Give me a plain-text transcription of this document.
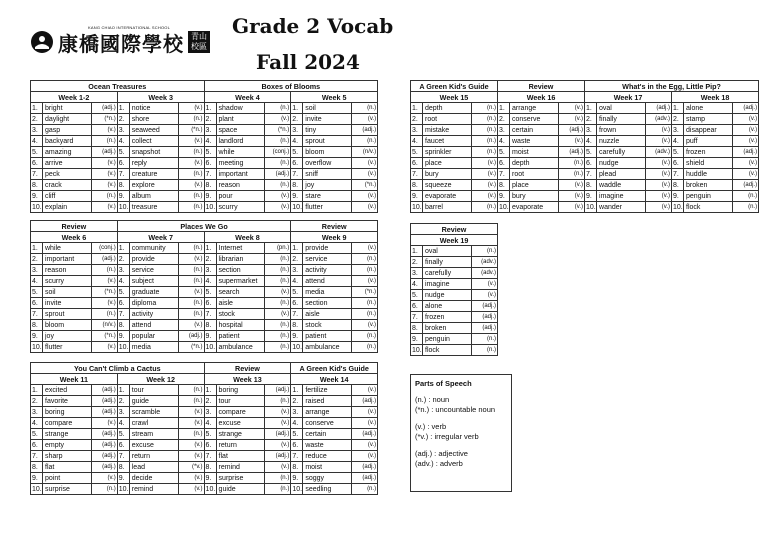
康橋國際學校
KANG CHIAO INTERNATIONAL SCHOOL
青山
校區
Grade 2 Vocab
Fall 2024
Ocean Treasures						Boxes of Blooms					
Week 1-2			Week 3			Week 4			Week 5		
1.	bright	(adj.)	1.	notice	(v.)	1.	shadow	(n.)	1.	soil	(n.)
2.	daylight	(*n.)	2.	shore	(n.)	2.	plant	(v.)	2.	invite	(v.)
3.	gasp	(v.)	3.	seaweed	(*n.)	3.	space	(*n.)	3.	tiny	(adj.)
4.	backyard	(n.)	4.	collect	(v.)	4.	landlord	(n.)	4.	sprout	(n.)
5.	amazing	(adj.)	5.	snapshot	(n.)	5.	while	(conj.)	5.	bloom	(n/v.)
6.	arrive	(v.)	6.	reply	(v.)	6.	meeting	(n.)	6.	overflow	(v.)
7.	peck	(v.)	7.	creature	(n.)	7.	important	(adj.)	7.	sniff	(v.)
8.	crack	(v.)	8.	explore	(v.)	8.	reason	(n.)	8.	joy	(*n.)
9.	cliff	(n.)	9.	album	(n.)	9.	pour	(v.)	9.	stare	(v.)
10.	explain	(v.)	10.	treasure	(n.)	10.	scurry	(v.)	10.	flutter	(v.)
Review			Places We Go						Review		
Week 6			Week 7			Week 8			Week 9		
1.	while	(conj.)	1.	community	(n.)	1.	Internet	(pn.)	1.	provide	(v.)
2.	important	(adj.)	2.	provide	(v.)	2.	librarian	(n.)	2.	service	(n.)
3.	reason	(n.)	3.	service	(n.)	3.	section	(n.)	3.	activity	(n.)
4.	scurry	(v.)	4.	subject	(n.)	4.	supermarket	(n.)	4.	attend	(v.)
5.	soil	(*n.)	5.	graduate	(v.)	5.	search	(v.)	5.	media	(*n.)
6.	invite	(v.)	6.	diploma	(n.)	6.	aisle	(n.)	6.	section	(n.)
7.	sprout	(n.)	7.	activity	(n.)	7.	stock	(v.)	7.	aisle	(n.)
8.	bloom	(n/v.)	8.	attend	(v.)	8.	hospital	(n.)	8.	stock	(v.)
9.	joy	(*n.)	9.	popular	(adj.)	9.	patient	(n.)	9.	patient	(n.)
10.	flutter	(v.)	10.	media	(*n.)	10.	ambulance	(n.)	10.	ambulance	(n.)
You Can't Climb a Cactus						Review			A Green Kid's Guide		
Week 11			Week 12			Week 13			Week 14		
1.	excited	(adj.)	1.	tour	(n.)	1.	boring	(adj.)	1.	fertilize	(v.)
2.	favorite	(adj.)	2.	guide	(n.)	2.	tour	(n.)	2.	raised	(adj.)
3.	boring	(adj.)	3.	scramble	(v.)	3.	compare	(v.)	3.	arrange	(v.)
4.	compare	(v.)	4.	crawl	(v.)	4.	excuse	(v.)	4.	conserve	(v.)
5.	strange	(adj.)	5.	stream	(n.)	5.	strange	(adj.)	5.	certain	(adj.)
6.	empty	(adj.)	6.	excuse	(v.)	6.	return	(v.)	6.	waste	(v.)
7.	sharp	(adj.)	7.	return	(v.)	7.	flat	(adj.)	7.	reduce	(v.)
8.	flat	(adj.)	8.	lead	(*v.)	8.	remind	(v.)	8.	moist	(adj.)
9.	point	(v.)	9.	decide	(v.)	9.	surprise	(n.)	9.	soggy	(adj.)
10.	surprise	(n.)	10.	remind	(v.)	10.	guide	(n.)	10.	seedling	(n.)
A Green Kid's Guide			Review			What's in the Egg, Little Pip?					
Week 15			Week 16			Week 17			Week 18		
1.	depth	(n.)	1.	arrange	(v.)	1.	oval	(adj.)	1.	alone	(adj.)
2.	root	(n.)	2.	conserve	(v.)	2.	finally	(adv.)	2.	stamp	(v.)
3.	mistake	(n.)	3.	certain	(adj.)	3.	frown	(v.)	3.	disappear	(v.)
4.	faucet	(n.)	4.	waste	(v.)	4.	nuzzle	(v.)	4.	puff	(v.)
5.	sprinkler	(n.)	5.	moist	(adj.)	5.	carefully	(adv.)	5.	frozen	(adj.)
6.	place	(v.)	6.	depth	(n.)	6.	nudge	(v.)	6.	shield	(v.)
7.	bury	(v.)	7.	root	(n.)	7.	plead	(v.)	7.	huddle	(v.)
8.	squeeze	(v.)	8.	place	(v.)	8.	waddle	(v.)	8.	broken	(adj.)
9.	evaporate	(v.)	9.	bury	(v.)	9.	imagine	(v.)	9.	penguin	(n.)
10.	barrel	(n.)	10.	evaporate	(v.)	10.	wander	(v.)	10.	flock	(n.)
Review		
Week 19		
1.	oval	(n.)
2.	finally	(adv.)
3.	carefully	(adv.)
4.	imagine	(v.)
5.	nudge	(v.)
6.	alone	(adj.)
7.	frozen	(adj.)
8.	broken	(adj.)
9.	penguin	(n.)
10.	flock	(n.)
Parts of Speech
(n.) : noun
(*n.) : uncountable noun
(v.) : verb
(*v.) : irregular verb
(adj.) : adjective
(adv.) : adverb
